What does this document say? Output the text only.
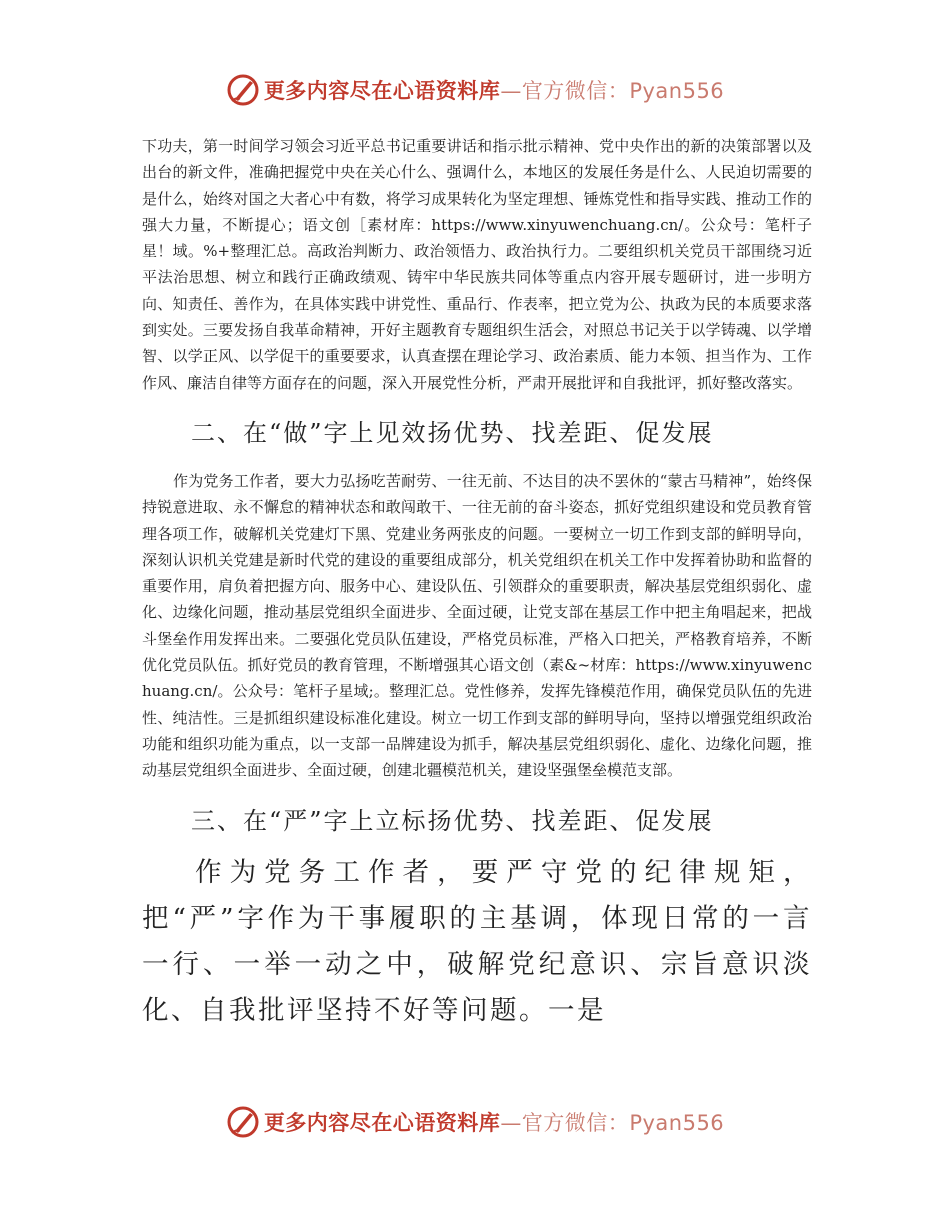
更多内容尽在心语资料库—官方微信：Pyan556

下功夫，第一时间学习领会习近平总书记重要讲话和指示批示精神、党中央作出的新的决策部署以及出台的新文件，准确把握党中央在关心什么、强调什么，本地区的发展任务是什么、人民迫切需要的是什么，始终对国之大者心中有数，将学习成果转化为坚定理想、锤炼党性和指导实践、推动工作的强大力量，不断提心；语文创［素材库：https://www.xinyuwenchuang.cn/。公众号：笔杆子星！域。%+整理汇总。高政治判断力、政治领悟力、政治执行力。二要组织机关党员干部围绕习近平法治思想、树立和践行正确政绩观、铸牢中华民族共同体等重点内容开展专题研讨，进一步明方向、知责任、善作为，在具体实践中讲党性、重品行、作表率，把立党为公、执政为民的本质要求落到实处。三要发扬自我革命精神，开好主题教育专题组织生活会，对照总书记关于以学铸魂、以学增智、以学正风、以学促干的重要要求，认真查摆在理论学习、政治素质、能力本领、担当作为、工作作风、廉洁自律等方面存在的问题，深入开展党性分析，严肃开展批评和自我批评，抓好整改落实。

二、在“做”字上见效扬优势、找差距、促发展

作为党务工作者，要大力弘扬吃苦耐劳、一往无前、不达目的决不罢休的“蒙古马精神”，始终保持锐意进取、永不懈怠的精神状态和敢闯敢干、一往无前的奋斗姿态，抓好党组织建设和党员教育管理各项工作，破解机关党建灯下黑、党建业务两张皮的问题。一要树立一切工作到支部的鲜明导向，深刻认识机关党建是新时代党的建设的重要组成部分，机关党组织在机关工作中发挥着协助和监督的重要作用，肩负着把握方向、服务中心、建设队伍、引领群众的重要职责，解决基层党组织弱化、虚化、边缘化问题，推动基层党组织全面进步、全面过硬，让党支部在基层工作中把主角唱起来，把战斗堡垒作用发挥出来。二要强化党员队伍建设，严格党员标准，严格入口把关，严格教育培养，不断优化党员队伍。抓好党员的教育管理，不断增强其心语文创（素&~材库：https://www.xinyuwenchuang.cn/。公众号：笔杆子星域;。整理汇总。党性修养，发挥先锋模范作用，确保党员队伍的先进性、纯洁性。三是抓组织建设标准化建设。树立一切工作到支部的鲜明导向，坚持以增强党组织政治功能和组织功能为重点，以一支部一品牌建设为抓手，解决基层党组织弱化、虚化、边缘化问题，推动基层党组织全面进步、全面过硬，创建北疆模范机关，建设坚强堡垒模范支部。

三、在“严”字上立标扬优势、找差距、促发展

作为党务工作者，要严守党的纪律规矩，把“严”字作为干事履职的主基调，体现日常的一言一行、一举一动之中，破解党纪意识、宗旨意识淡化、自我批评坚持不好等问题。一是

更多内容尽在心语资料库—官方微信：Pyan556
